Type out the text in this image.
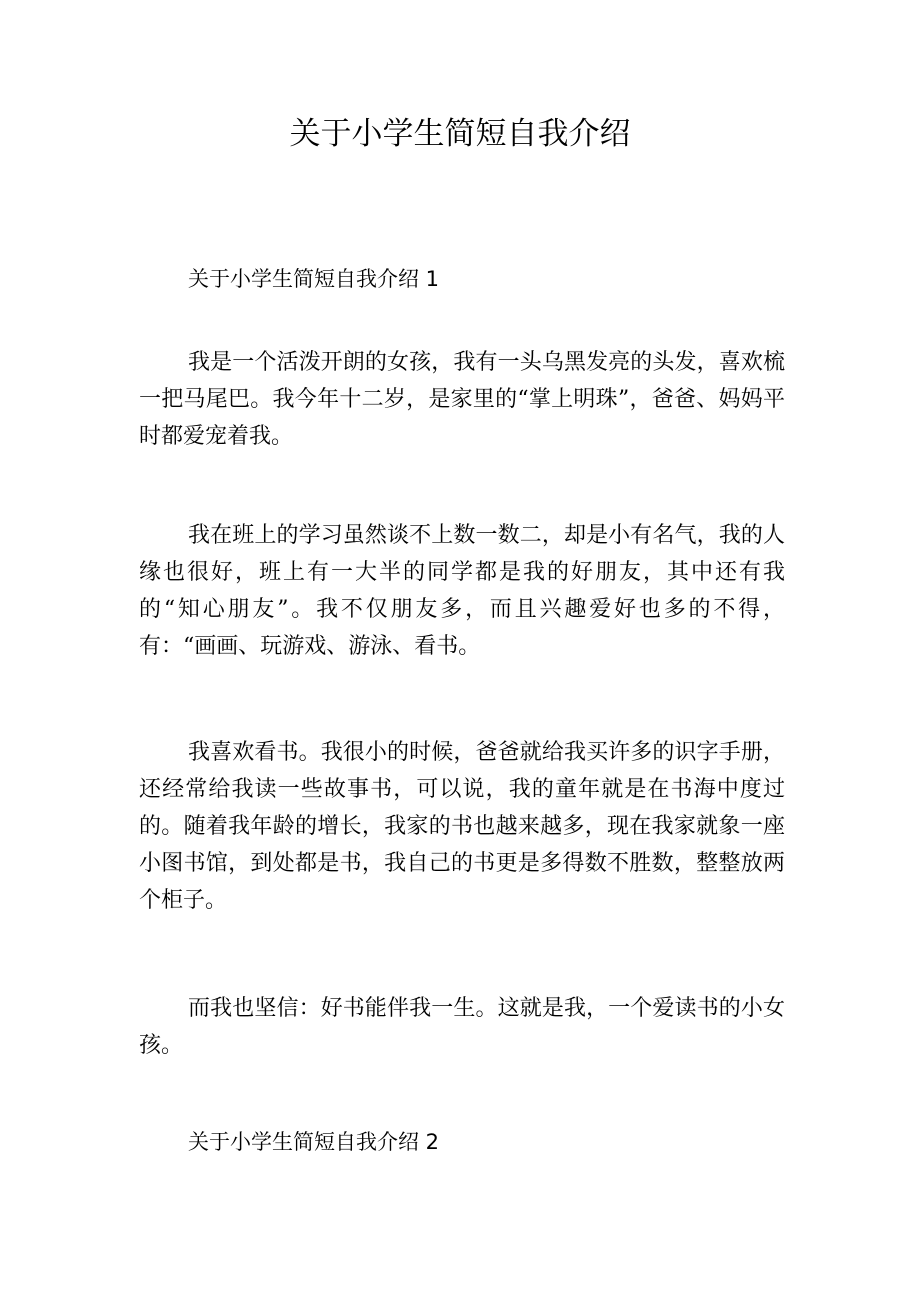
关于小学生简短自我介绍
关于小学生简短自我介绍 1

我是一个活泼开朗的女孩，我有一头乌黑发亮的头发，喜欢梳一把马尾巴。我今年十二岁，是家里的“掌上明珠”，爸爸、妈妈平时都爱宠着我。

我在班上的学习虽然谈不上数一数二，却是小有名气，我的人缘也很好，班上有一大半的同学都是我的好朋友，其中还有我的“知心朋友”。我不仅朋友多，而且兴趣爱好也多的不得，有：“画画、玩游戏、游泳、看书。

我喜欢看书。我很小的时候，爸爸就给我买许多的识字手册，还经常给我读一些故事书，可以说，我的童年就是在书海中度过的。随着我年龄的增长，我家的书也越来越多，现在我家就象一座小图书馆，到处都是书，我自己的书更是多得数不胜数，整整放两个柜子。

而我也坚信：好书能伴我一生。这就是我，一个爱读书的小女孩。

关于小学生简短自我介绍 2
